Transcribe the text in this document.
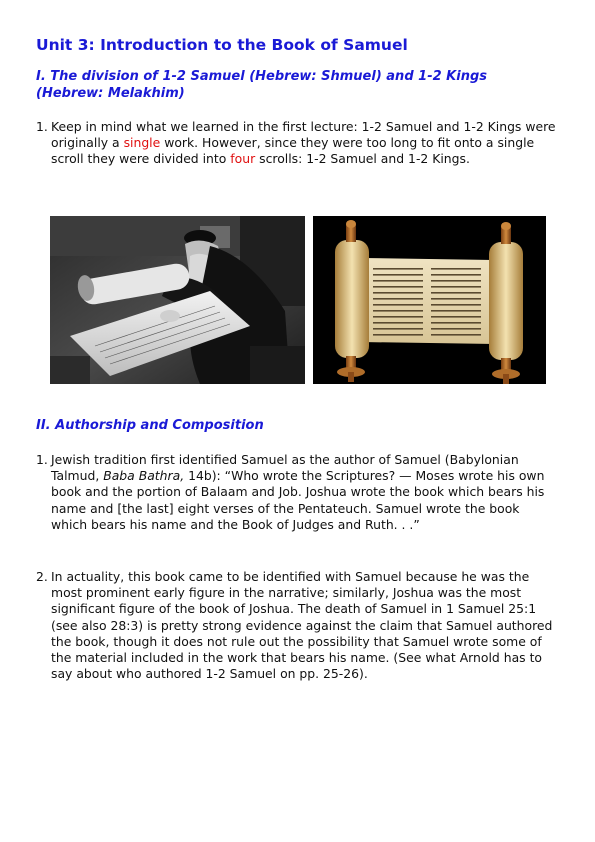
Unit 3: Introduction to the Book of Samuel
I. The division of 1-2 Samuel (Hebrew: Shmuel) and 1-2 Kings (Hebrew: Melakhim)
1. Keep in mind what we learned in the first lecture: 1-2 Samuel and 1-2 Kings were originally a single work. However, since they were too long to fit onto a single scroll they were divided into four scrolls: 1-2 Samuel and 1-2 Kings.
II. Authorship and Composition
1. Jewish tradition first identified Samuel as the author of Samuel (Babylonian Talmud, Baba Bathra, 14b): “Who wrote the Scriptures? — Moses wrote his own book and the portion of Balaam and Job. Joshua wrote the book which bears his name and [the last] eight verses of the Pentateuch. Samuel wrote the book which bears his name and the Book of Judges and Ruth. . .”
2. In actuality, this book came to be identified with Samuel because he was the most prominent early figure in the narrative; similarly, Joshua was the most significant figure of the book of Joshua. The death of Samuel in 1 Samuel 25:1 (see also 28:3) is pretty strong evidence against the claim that Samuel authored the book, though it does not rule out the possibility that Samuel wrote some of the material included in the work that bears his name. (See what Arnold has to say about who authored 1-2 Samuel on pp. 25-26).
